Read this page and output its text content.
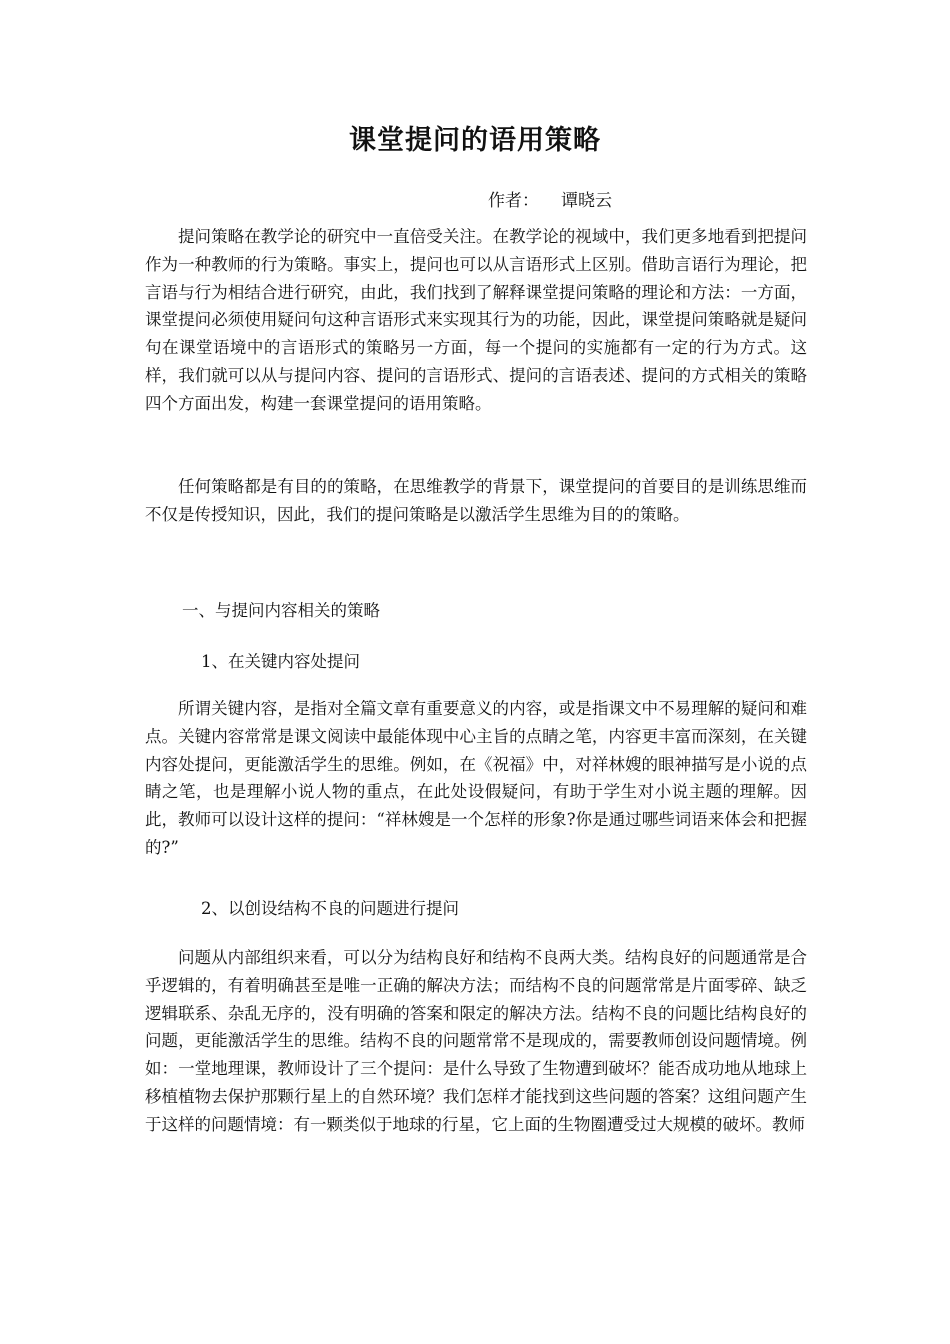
课堂提问的语用策略
作者： 谭晓云

提问策略在教学论的研究中一直倍受关注。在教学论的视域中，我们更多地看到把提问作为一种教师的行为策略。事实上，提问也可以从言语形式上区别。借助言语行为理论，把言语与行为相结合进行研究，由此，我们找到了解释课堂提问策略的理论和方法：一方面，课堂提问必须使用疑问句这种言语形式来实现其行为的功能，因此，课堂提问策略就是疑问句在课堂语境中的言语形式的策略另一方面，每一个提问的实施都有一定的行为方式。这样，我们就可以从与提问内容、提问的言语形式、提问的言语表述、提问的方式相关的策略四个方面出发，构建一套课堂提问的语用策略。

任何策略都是有目的的策略，在思维教学的背景下，课堂提问的首要目的是训练思维而不仅是传授知识，因此，我们的提问策略是以激活学生思维为目的的策略。

一、与提问内容相关的策略
1、在关键内容处提问

所谓关键内容，是指对全篇文章有重要意义的内容，或是指课文中不易理解的疑问和难点。关键内容常常是课文阅读中最能体现中心主旨的点睛之笔，内容更丰富而深刻，在关键内容处提问，更能激活学生的思维。例如，在《祝福》中，对祥林嫂的眼神描写是小说的点睛之笔，也是理解小说人物的重点，在此处设假疑问，有助于学生对小说主题的理解。因此，教师可以设计这样的提问：“祥林嫂是一个怎样的形象?你是通过哪些词语来体会和把握的?”

2、以创设结构不良的问题进行提问

问题从内部组织来看，可以分为结构良好和结构不良两大类。结构良好的问题通常是合乎逻辑的，有着明确甚至是唯一正确的解决方法；而结构不良的问题常常是片面零碎、缺乏逻辑联系、杂乱无序的，没有明确的答案和限定的解决方法。结构不良的问题比结构良好的问题，更能激活学生的思维。结构不良的问题常常不是现成的，需要教师创设问题情境。例如：一堂地理课，教师设计了三个提问：是什么导致了生物遭到破坏？能否成功地从地球上移植植物去保护那颗行星上的自然环境？我们怎样才能找到这些问题的答案？这组问题产生于这样的问题情境：有一颗类似于地球的行星，它上面的生物圈遭受过大规模的破坏。教师
